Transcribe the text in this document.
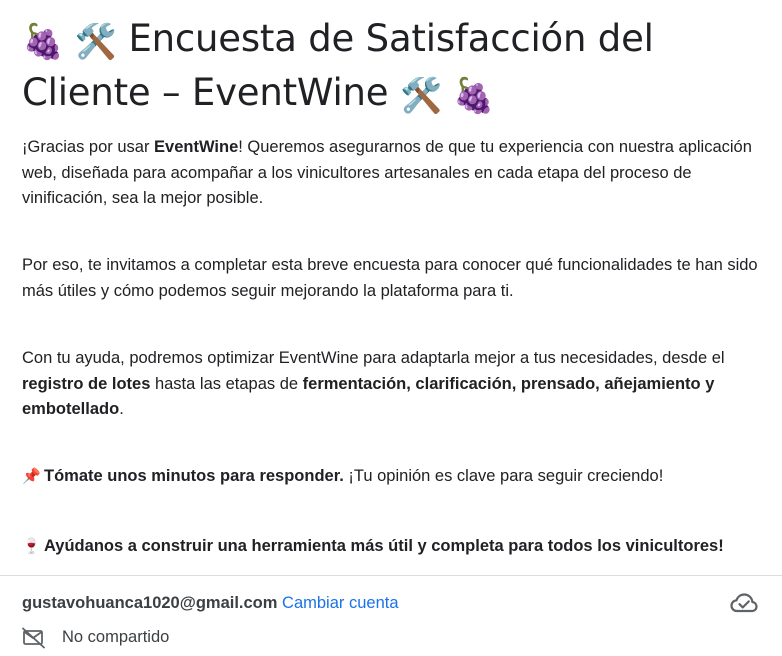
🍇 🛠️ Encuesta de Satisfacción del Cliente – EventWine 🛠️ 🍇

¡Gracias por usar EventWine! Queremos asegurarnos de que tu experiencia con nuestra aplicación web, diseñada para acompañar a los vinicultores artesanales en cada etapa del proceso de vinificación, sea la mejor posible.

Por eso, te invitamos a completar esta breve encuesta para conocer qué funcionalidades te han sido más útiles y cómo podemos seguir mejorando la plataforma para ti.

Con tu ayuda, podremos optimizar EventWine para adaptarla mejor a tus necesidades, desde el registro de lotes hasta las etapas de fermentación, clarificación, prensado, añejamiento y embotellado.

📌 Tómate unos minutos para responder. ¡Tu opinión es clave para seguir creciendo!

🍷 Ayúdanos a construir una herramienta más útil y completa para todos los vinicultores!

gustavohuanca1020@gmail.com Cambiar cuenta
No compartido
